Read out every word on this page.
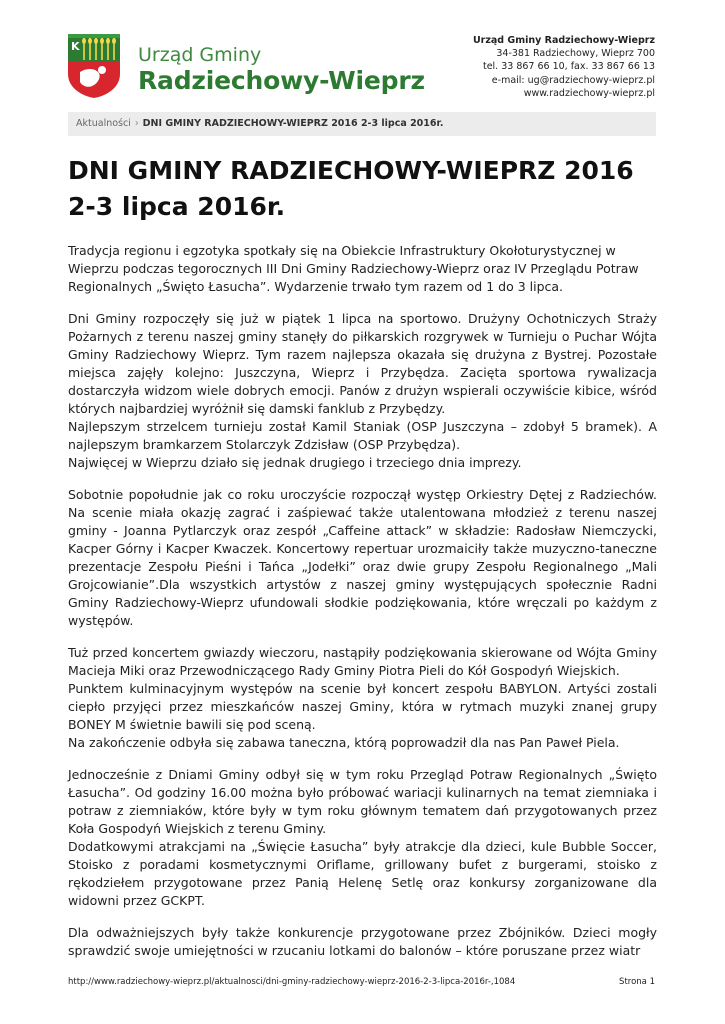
K	Urząd Gminy
Radziechowy-Wieprz
Urząd Gminy Radziechowy-Wieprz
34-381 Radziechowy, Wieprz 700
tel. 33 867 66 10, fax. 33 867 66 13
e-mail: ug@radziechowy-wieprz.pl
www.radziechowy-wieprz.pl
Aktualności › DNI GMINY RADZIECHOWY-WIEPRZ 2016 2-3 lipca 2016r.
DNI GMINY RADZIECHOWY-WIEPRZ 2016 2-3 lipca 2016r.

Tradycja regionu i egzotyka spotkały się na Obiekcie Infrastruktury Okołoturystycznej w Wieprzu podczas tegorocznych III Dni Gminy Radziechowy-Wieprz oraz IV Przeglądu Potraw Regionalnych „Święto Łasucha”. Wydarzenie trwało tym razem od 1 do 3 lipca.

Dni Gminy rozpoczęły się już w piątek 1 lipca na sportowo. Drużyny Ochotniczych Straży Pożarnych z terenu naszej gminy stanęły do piłkarskich rozgrywek w Turnieju o Puchar Wójta Gminy Radziechowy Wieprz. Tym razem najlepsza okazała się drużyna z Bystrej. Pozostałe miejsca zajęły kolejno: Juszczyna, Wieprz i Przybędza. Zacięta sportowa rywalizacja dostarczyła widzom wiele dobrych emocji. Panów z drużyn wspierali oczywiście kibice, wśród których najbardziej wyróżnił się damski fanklub z Przybędzy.
Najlepszym strzelcem turnieju został Kamil Staniak (OSP Juszczyna – zdobył 5 bramek). A najlepszym bramkarzem Stolarczyk Zdzisław (OSP Przybędza).
Najwięcej w Wieprzu działo się jednak drugiego i trzeciego dnia imprezy.

Sobotnie popołudnie jak co roku uroczyście rozpoczął występ Orkiestry Dętej z Radziechów. Na scenie miała okazję zagrać i zaśpiewać także utalentowana młodzież z terenu naszej gminy - Joanna Pytlarczyk oraz zespół „Caffeine attack” w składzie: Radosław Niemczycki, Kacper Górny i Kacper Kwaczek. Koncertowy repertuar urozmaiciły także muzyczno-taneczne prezentacje Zespołu Pieśni i Tańca „Jodełki” oraz dwie grupy Zespołu Regionalnego „Mali Grojcowianie”.Dla wszystkich artystów z naszej gminy występujących społecznie Radni Gminy Radziechowy-Wieprz ufundowali słodkie podziękowania, które wręczali po każdym z występów.

Tuż przed koncertem gwiazdy wieczoru, nastąpiły podziękowania skierowane od Wójta Gminy Macieja Miki oraz Przewodniczącego Rady Gminy Piotra Pieli do Kół Gospodyń Wiejskich.
Punktem kulminacyjnym występów na scenie był koncert zespołu BABYLON. Artyści zostali ciepło przyjęci przez mieszkańców naszej Gminy, która w rytmach muzyki znanej grupy BONEY M świetnie bawili się pod sceną.
Na zakończenie odbyła się zabawa taneczna, którą poprowadził dla nas Pan Paweł Piela.

Jednocześnie z Dniami Gminy odbył się w tym roku Przegląd Potraw Regionalnych „Święto Łasucha”. Od godziny 16.00 można było próbować wariacji kulinarnych na temat ziemniaka i potraw z ziemniaków, które były w tym roku głównym tematem dań przygotowanych przez Koła Gospodyń Wiejskich z terenu Gminy.
Dodatkowymi atrakcjami na „Święcie Łasucha” były atrakcje dla dzieci, kule Bubble Soccer, Stoisko z poradami kosmetycznymi Oriflame, grillowany bufet z burgerami, stoisko z rękodziełem przygotowane przez Panią Helenę Setlę oraz konkursy zorganizowane dla widowni przez GCKPT.

Dla odważniejszych były także konkurencje przygotowane przez Zbójników. Dzieci mogły sprawdzić swoje umiejętności w rzucaniu lotkami do balonów – które poruszane przez wiatr

http://www.radziechowy-wieprz.pl/aktualnosci/dni-gminy-radziechowy-wieprz-2016-2-3-lipca-2016r-,1084	Strona 1
